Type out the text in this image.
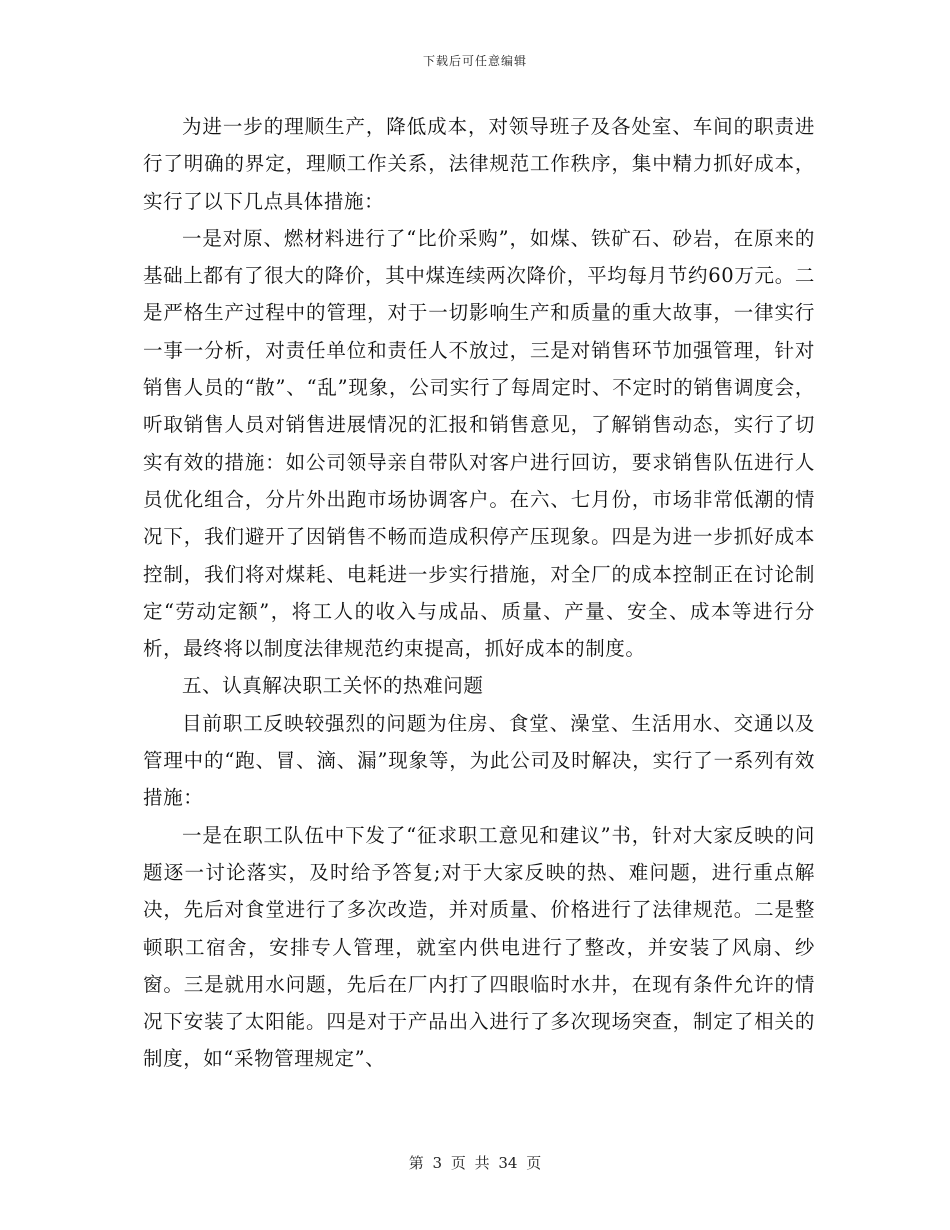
下载后可任意编辑

为进一步的理顺生产，降低成本，对领导班子及各处室、车间的职责进行了明确的界定，理顺工作关系，法律规范工作秩序，集中精力抓好成本，实行了以下几点具体措施：

一是对原、燃材料进行了“比价采购”，如煤、铁矿石、砂岩，在原来的基础上都有了很大的降价，其中煤连续两次降价，平均每月节约60万元。二是严格生产过程中的管理，对于一切影响生产和质量的重大故事，一律实行一事一分析，对责任单位和责任人不放过，三是对销售环节加强管理，针对销售人员的“散”、“乱”现象，公司实行了每周定时、不定时的销售调度会，听取销售人员对销售进展情况的汇报和销售意见，了解销售动态，实行了切实有效的措施：如公司领导亲自带队对客户进行回访，要求销售队伍进行人员优化组合，分片外出跑市场协调客户。在六、七月份，市场非常低潮的情况下，我们避开了因销售不畅而造成积停产压现象。四是为进一步抓好成本控制，我们将对煤耗、电耗进一步实行措施，对全厂的成本控制正在讨论制定“劳动定额”，将工人的收入与成品、质量、产量、安全、成本等进行分析，最终将以制度法律规范约束提高，抓好成本的制度。

五、认真解决职工关怀的热难问题

目前职工反映较强烈的问题为住房、食堂、澡堂、生活用水、交通以及管理中的“跑、冒、滴、漏”现象等，为此公司及时解决，实行了一系列有效措施：

一是在职工队伍中下发了“征求职工意见和建议”书，针对大家反映的问题逐一讨论落实，及时给予答复;对于大家反映的热、难问题，进行重点解决，先后对食堂进行了多次改造，并对质量、价格进行了法律规范。二是整顿职工宿舍，安排专人管理，就室内供电进行了整改，并安装了风扇、纱窗。三是就用水问题，先后在厂内打了四眼临时水井，在现有条件允许的情况下安装了太阳能。四是对于产品出入进行了多次现场突查，制定了相关的制度，如“采物管理规定”、

第 3 页 共 34 页
